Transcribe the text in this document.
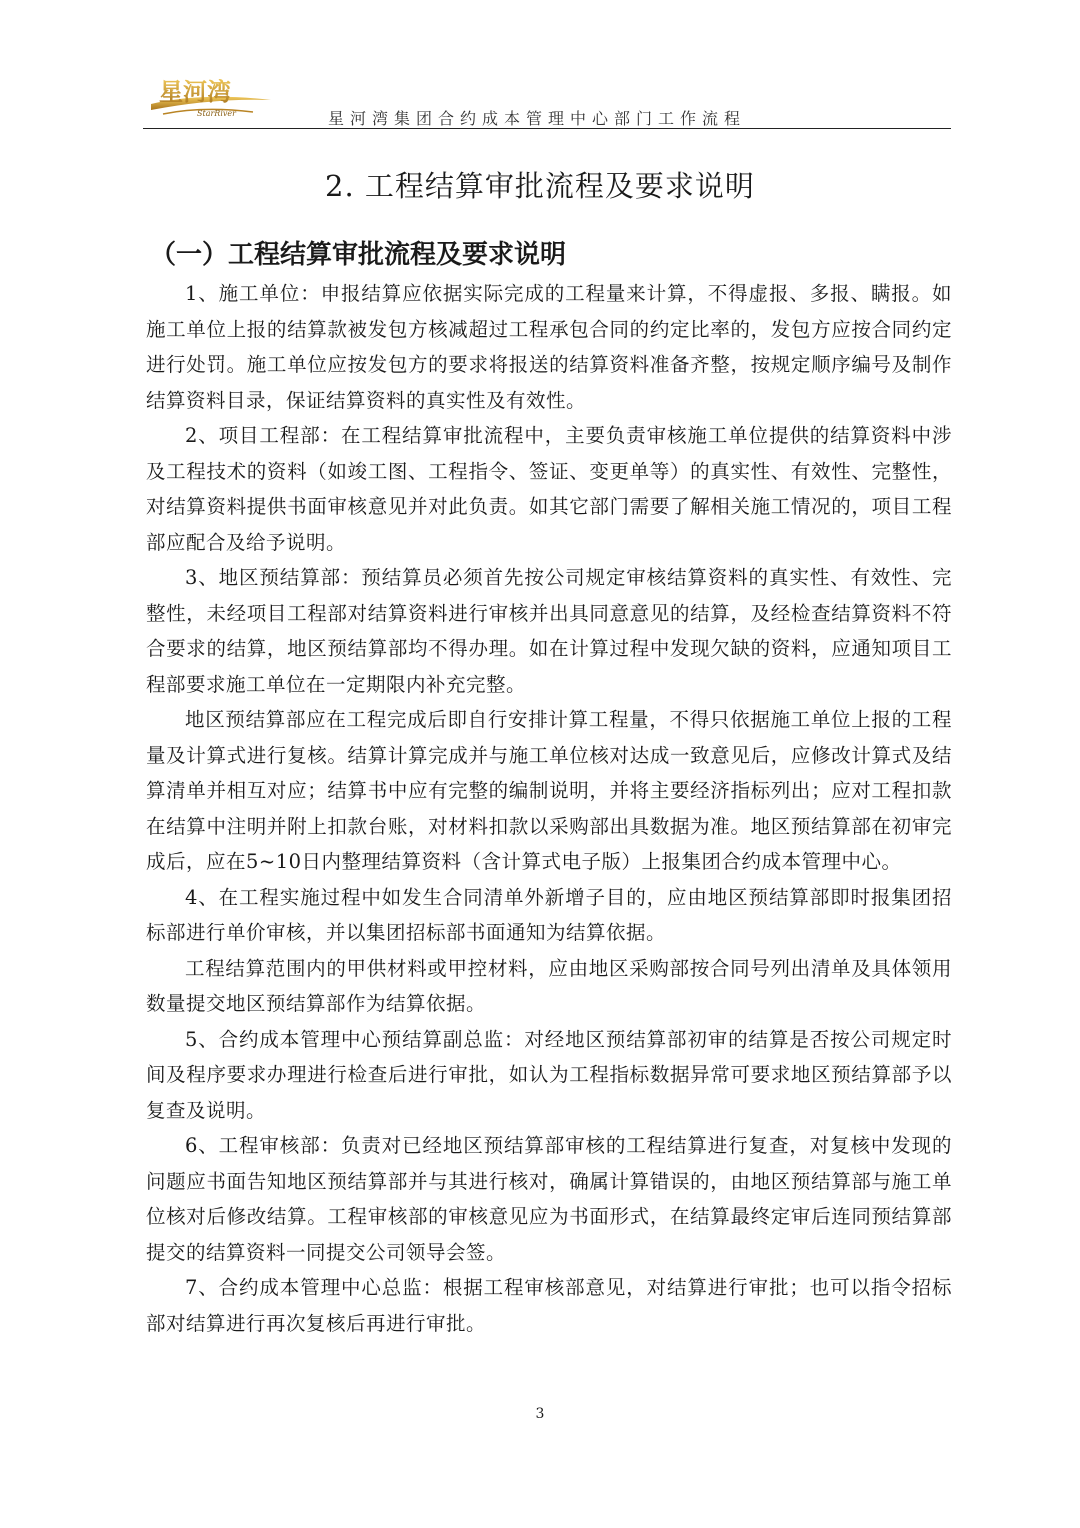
星河湾
StarRiver	星河湾集团合约成本管理中心部门工作流程
2. 工程结算审批流程及要求说明
（一）工程结算审批流程及要求说明

1、施工单位：申报结算应依据实际完成的工程量来计算，不得虚报、多报、瞒报。如施工单位上报的结算款被发包方核减超过工程承包合同的约定比率的，发包方应按合同约定进行处罚。施工单位应按发包方的要求将报送的结算资料准备齐整，按规定顺序编号及制作结算资料目录，保证结算资料的真实性及有效性。

2、项目工程部：在工程结算审批流程中，主要负责审核施工单位提供的结算资料中涉及工程技术的资料（如竣工图、工程指令、签证、变更单等）的真实性、有效性、完整性，对结算资料提供书面审核意见并对此负责。如其它部门需要了解相关施工情况的，项目工程部应配合及给予说明。

3、地区预结算部：预结算员必须首先按公司规定审核结算资料的真实性、有效性、完整性，未经项目工程部对结算资料进行审核并出具同意意见的结算，及经检查结算资料不符合要求的结算，地区预结算部均不得办理。如在计算过程中发现欠缺的资料，应通知项目工程部要求施工单位在一定期限内补充完整。

地区预结算部应在工程完成后即自行安排计算工程量，不得只依据施工单位上报的工程量及计算式进行复核。结算计算完成并与施工单位核对达成一致意见后，应修改计算式及结算清单并相互对应；结算书中应有完整的编制说明，并将主要经济指标列出；应对工程扣款在结算中注明并附上扣款台账，对材料扣款以采购部出具数据为准。地区预结算部在初审完成后，应在5~10日内整理结算资料（含计算式电子版）上报集团合约成本管理中心。

4、在工程实施过程中如发生合同清单外新增子目的，应由地区预结算部即时报集团招标部进行单价审核，并以集团招标部书面通知为结算依据。

工程结算范围内的甲供材料或甲控材料，应由地区采购部按合同号列出清单及具体领用数量提交地区预结算部作为结算依据。

5、合约成本管理中心预结算副总监：对经地区预结算部初审的结算是否按公司规定时间及程序要求办理进行检查后进行审批，如认为工程指标数据异常可要求地区预结算部予以复查及说明。

6、工程审核部：负责对已经地区预结算部审核的工程结算进行复查，对复核中发现的问题应书面告知地区预结算部并与其进行核对，确属计算错误的，由地区预结算部与施工单位核对后修改结算。工程审核部的审核意见应为书面形式，在结算最终定审后连同预结算部提交的结算资料一同提交公司领导会签。

7、合约成本管理中心总监：根据工程审核部意见，对结算进行审批；也可以指令招标部对结算进行再次复核后再进行审批。

3
